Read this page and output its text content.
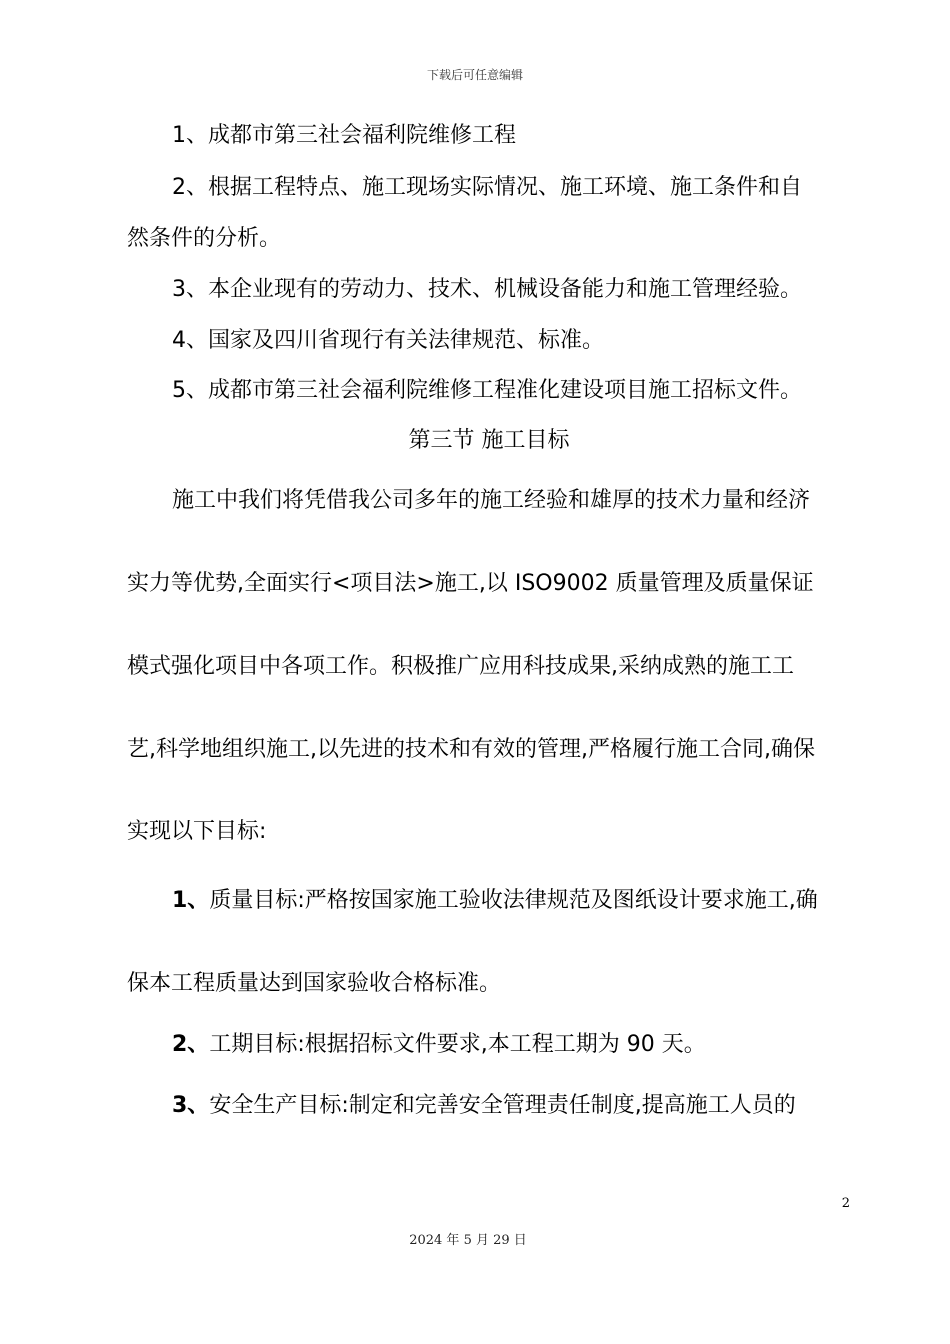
下载后可任意编辑
1、成都市第三社会福利院维修工程
2、根据工程特点、施工现场实际情况、施工环境、施工条件和自
然条件的分析。
3、本企业现有的劳动力、技术、机械设备能力和施工管理经验。
4、国家及四川省现行有关法律规范、标准。
5、成都市第三社会福利院维修工程准化建设项目施工招标文件。
第三节 施工目标
施工中我们将凭借我公司多年的施工经验和雄厚的技术力量和经济
实力等优势,全面实行<项目法>施工,以 ISO9002 质量管理及质量保证
模式强化项目中各项工作。积极推广应用科技成果,采纳成熟的施工工
艺,科学地组织施工,以先进的技术和有效的管理,严格履行施工合同,确保
实现以下目标:
1、质量目标:严格按国家施工验收法律规范及图纸设计要求施工,确
保本工程质量达到国家验收合格标准。
2、工期目标:根据招标文件要求,本工程工期为 90 天。
3、安全生产目标:制定和完善安全管理责任制度,提高施工人员的
2
2024 年 5 月 29 日
